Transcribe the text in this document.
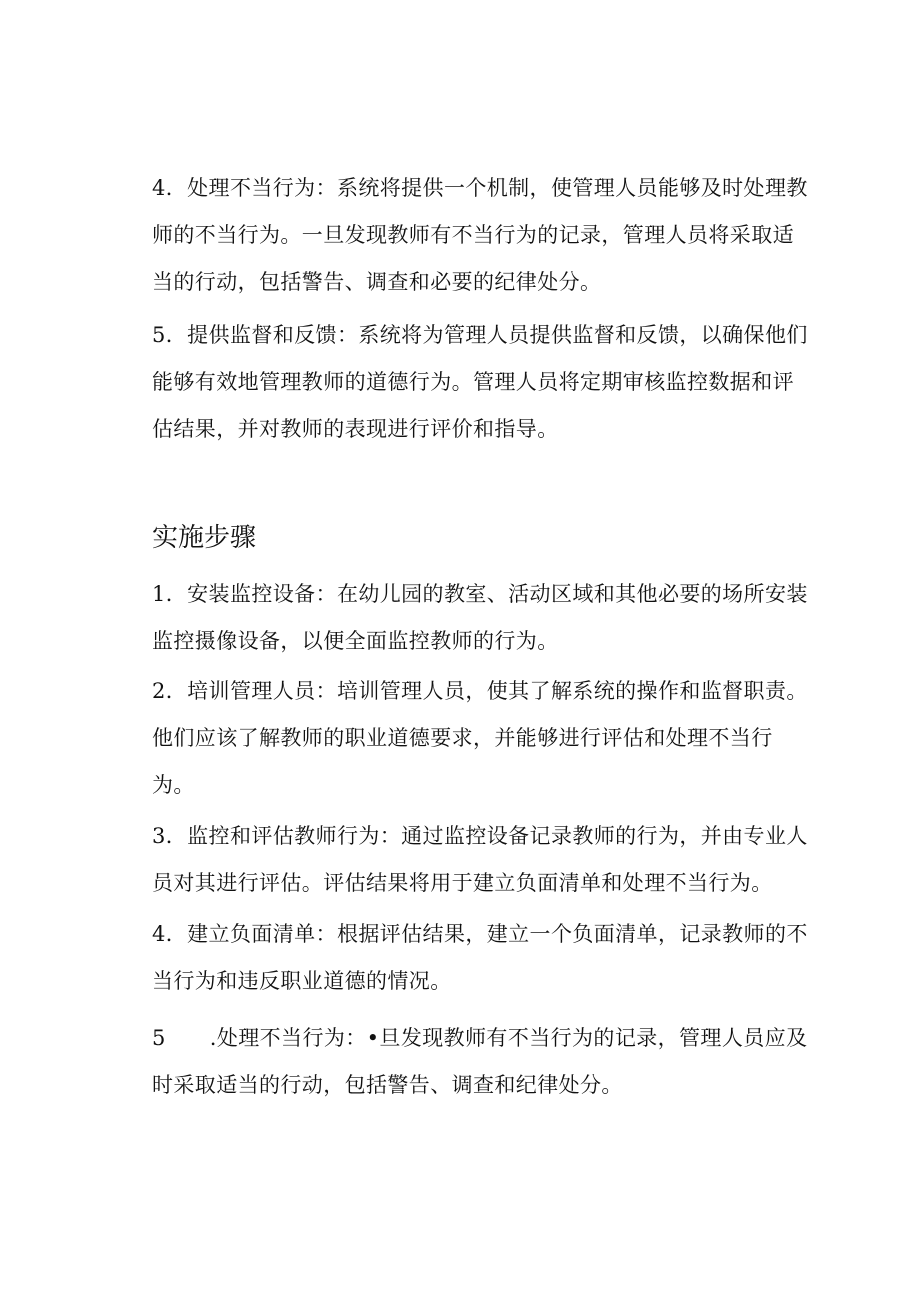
4．处理不当行为：系统将提供一个机制，使管理人员能够及时处理教师的不当行为。一旦发现教师有不当行为的记录，管理人员将采取适当的行动，包括警告、调查和必要的纪律处分。

5．提供监督和反馈：系统将为管理人员提供监督和反馈，以确保他们能够有效地管理教师的道德行为。管理人员将定期审核监控数据和评估结果，并对教师的表现进行评价和指导。

实施步骤

1．安装监控设备：在幼儿园的教室、活动区域和其他必要的场所安装监控摄像设备，以便全面监控教师的行为。

2．培训管理人员：培训管理人员，使其了解系统的操作和监督职责。他们应该了解教师的职业道德要求，并能够进行评估和处理不当行为。

3．监控和评估教师行为：通过监控设备记录教师的行为，并由专业人员对其进行评估。评估结果将用于建立负面清单和处理不当行为。

4．建立负面清单：根据评估结果，建立一个负面清单，记录教师的不当行为和违反职业道德的情况。

5 .处理不当行为：•旦发现教师有不当行为的记录，管理人员应及时采取适当的行动，包括警告、调查和纪律处分。
